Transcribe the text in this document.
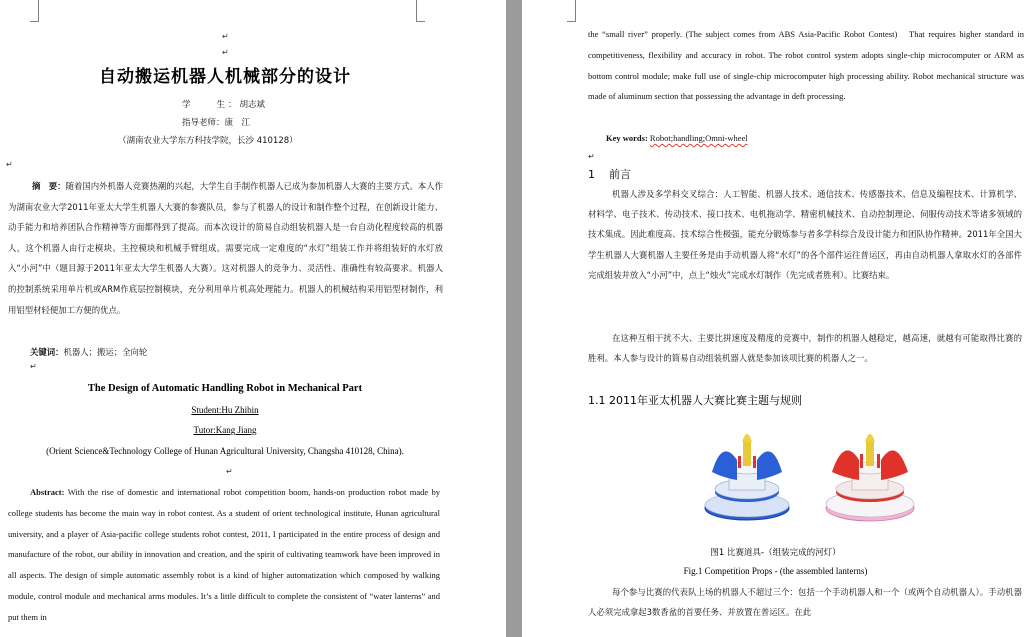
↵
↵
自动搬运机器人机械部分的设计
学　　生：胡志斌
指导老师：康　江
（湖南农业大学东方科技学院，长沙 410128）
↵
摘　要：随着国内外机器人竞赛热潮的兴起，大学生自手制作机器人已成为参加机器人大赛的主要方式。本人作为湖南农业大学2011年亚太大学生机器人大赛的参赛队员，参与了机器人的设计和制作整个过程，在创新设计能力、动手能力和培养团队合作精神等方面都得到了提高。而本次设计的简易自动组装机器人是一台自动化程度较高的机器人，这个机器人由行走模块、主控模块和机械手臂组成。需要完成一定难度的“水灯”组装工作并将组装好的水灯放入“小河”中（题目源于2011年亚太大学生机器人大赛）。这对机器人的竞争力、灵活性、准确性有较高要求。机器人的控制系统采用单片机或ARM作底层控制模块，充分利用单片机高处理能力。机器人的机械结构采用铝型材制作，利用铝型材轻便加工方便的优点。
关键词：机器人；搬运；全向轮
↵
The Design of Automatic Handling Robot in Mechanical Part
Student:Hu Zhibin
Tutor:Kang Jiang
(Orient Science&Technology College of Hunan Agricultural University, Changsha 410128, China).
↵
Abstract: With the rise of domestic and international robot competition boom, hands-on production robot made by college students has become the main way in robot contest. As a student of orient technological institute, Hunan agricultural university, and a player of Asia-pacific college students robot contest, 2011, I participated in the entire process of design and manufacture of the robot, our ability in innovation and creation, and the spirit of cultivating teamwork have been improved in all aspects. The design of simple automatic assembly robot is a kind of higher automatization which composed by walking module, control module and mechanical arms modules. It’s a little difficult to complete the consistent of “water lanterns” and put them in
the “small river” properly. (The subject comes from ABS Asia-Pacific Robot Contest)　That requires higher standard in competitiveness, flexibility and accuracy in robot. The robot control system adopts single-chip microcomputer or ARM as bottom control module; make full use of single-chip microcomputer high processing ability. Robot mechanical structure was made of aluminum section that possessing the advantage in deft processing.
Key words: Robot;handling;Omni-wheel
↵
1 前言
机器人涉及多学科交叉综合：人工智能、机器人技术、通信技术、传感器技术、信息及编程技术、计算机学、材料学、电子技术、传动技术、接口技术、电机拖动学、精密机械技术、自动控制理论、伺服传动技术等诸多领域的技术集成。因此难度高、技术综合性极强，能充分锻炼参与者多学科综合及设计能力和团队协作精神。2011年全国大学生机器人大赛机器人主要任务是由手动机器人将“水灯”的各个部件运往普运区，再由自动机器人拿取水灯的各部件完成组装并放入“小河”中，点上“烛火”完成水灯制作（先完成者胜利）。比赛结束。
在这种互相干扰不大、主要比拼速度及精度的竞赛中，制作的机器人越稳定，越高速，就越有可能取得比赛的胜利。本人参与设计的简易自动组装机器人就是参加该项比赛的机器人之一。
1.1 2011年亚太机器人大赛比赛主题与规则
图1 比赛道具-（组装完成的河灯）
Fig.1 Competition Props - (the assembled lanterns)
每个参与比赛的代表队上场的机器人不超过三个：包括一个手动机器人和一个（或两个自动机器人）。手动机器人必须完成拿起3数香盆的首要任务、并放置在普运区。在此
